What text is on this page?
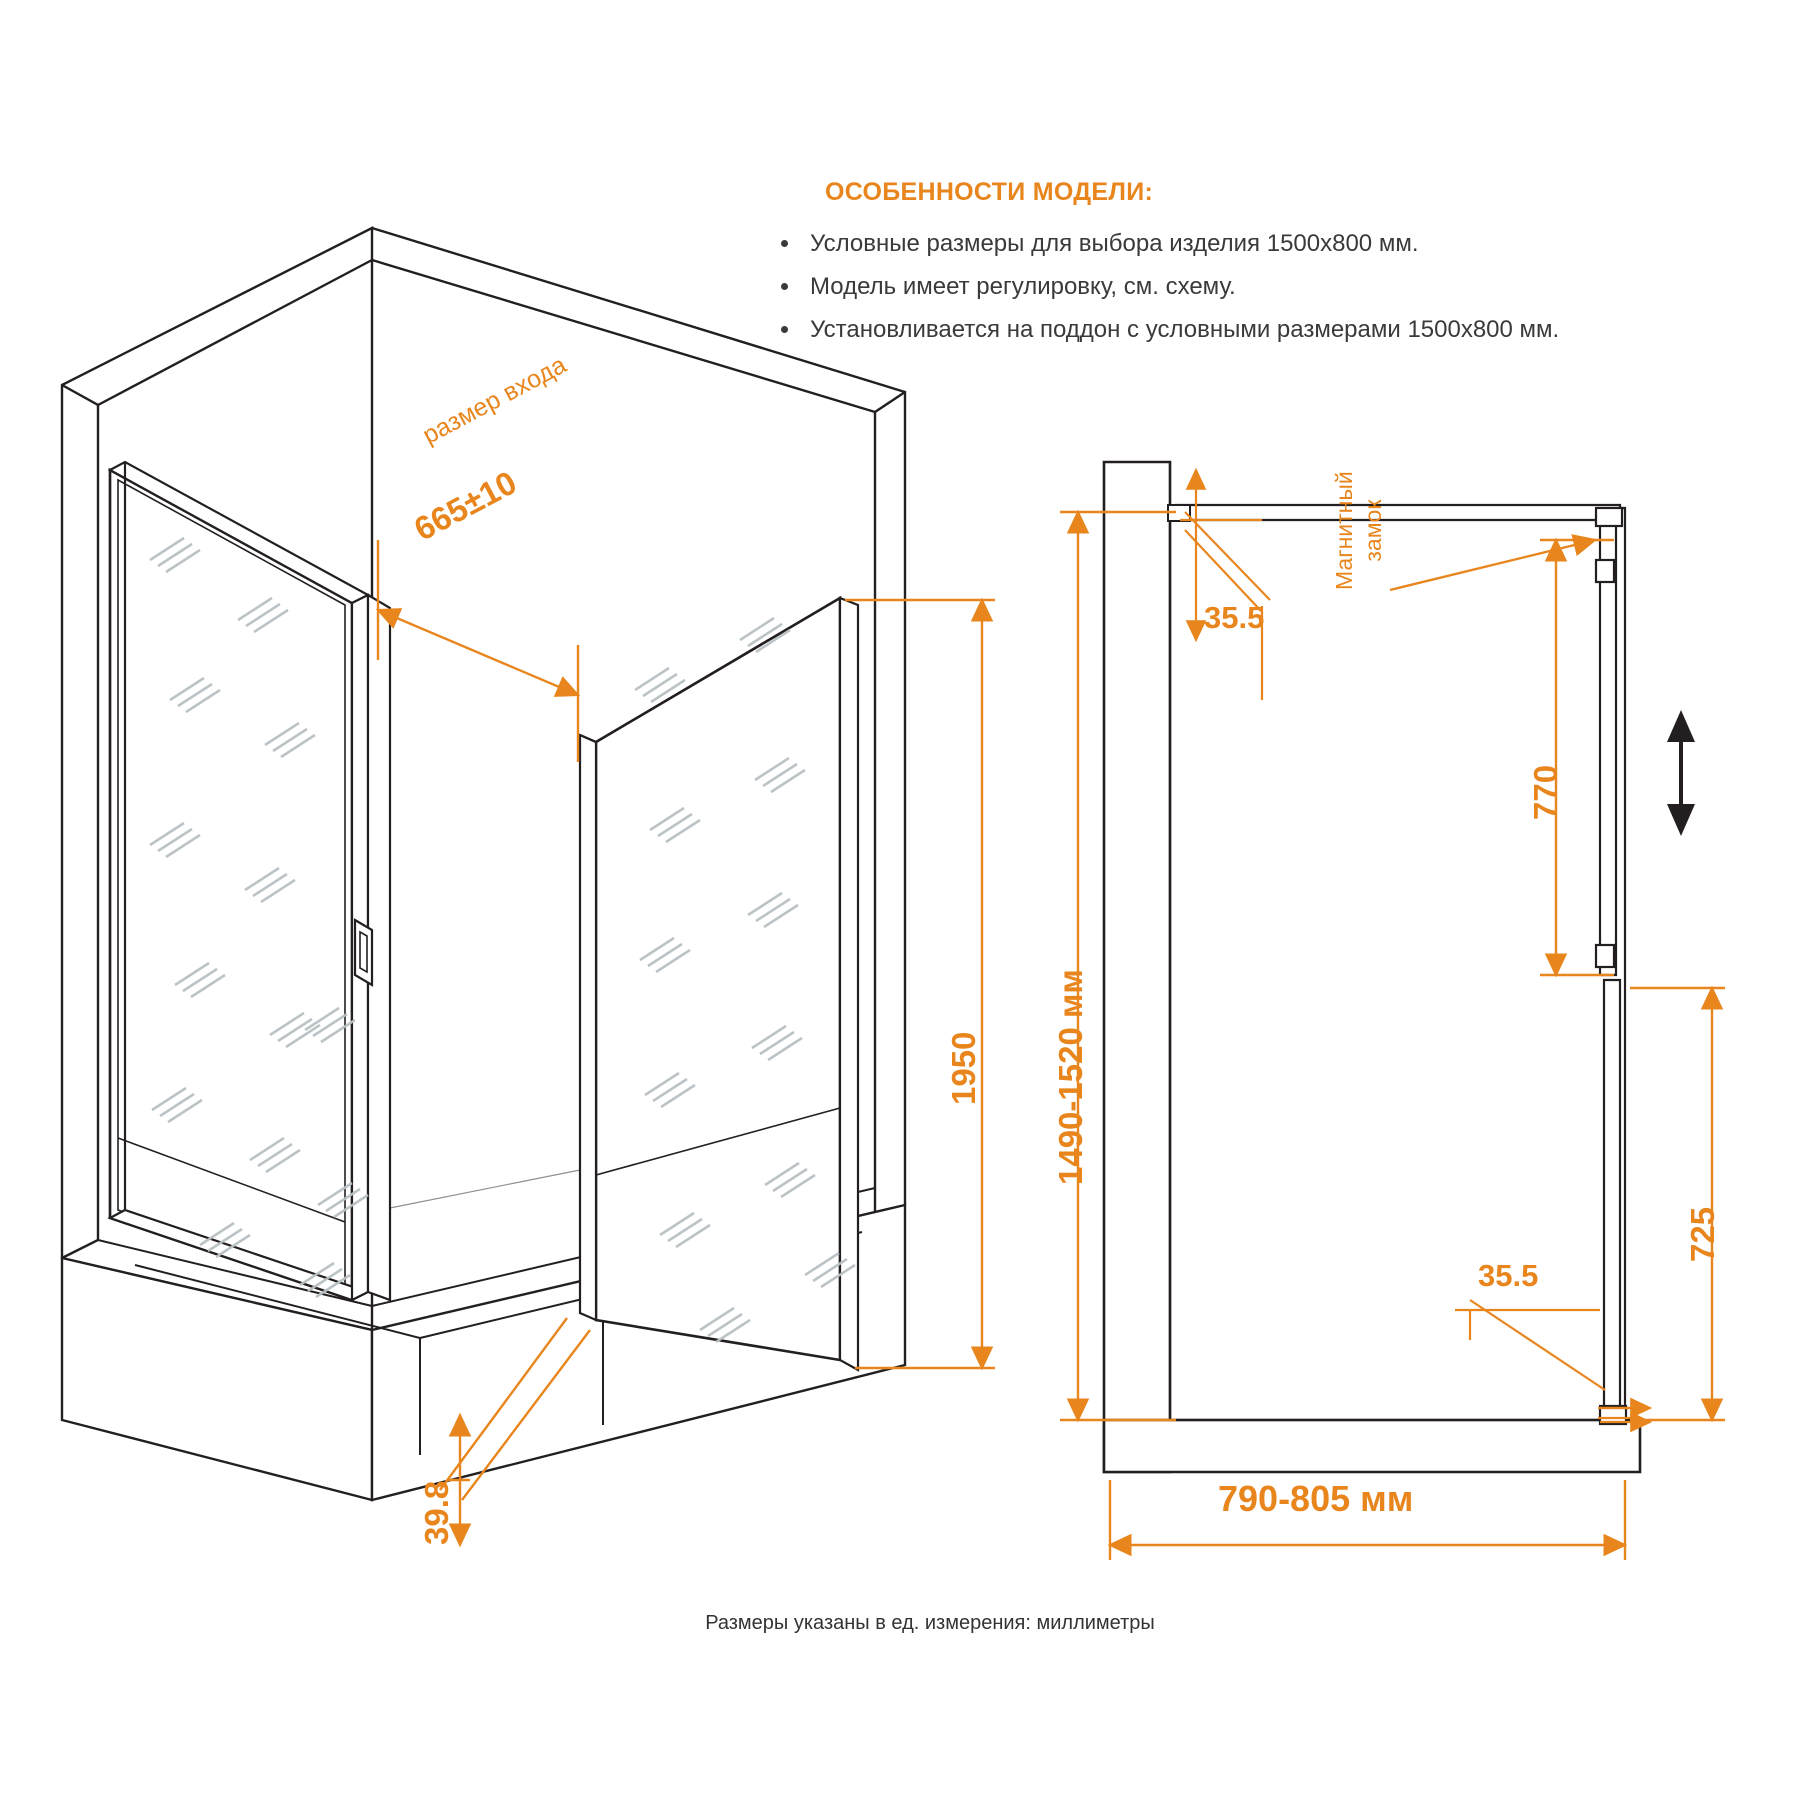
ОСОБЕННОСТИ МОДЕЛИ:
• Условные размеры для выбора изделия 1500х800 мм.
• Модель имеет регулировку, см. схему.
• Установливается на поддон с условными размерами 1500х800 мм.
размер входа
665±10
1950
39.8
1490-1520 мм
35.5
Магнитный замок
770
725
35.5
790-805 мм
Размеры указаны в ед. измерения: миллиметры
